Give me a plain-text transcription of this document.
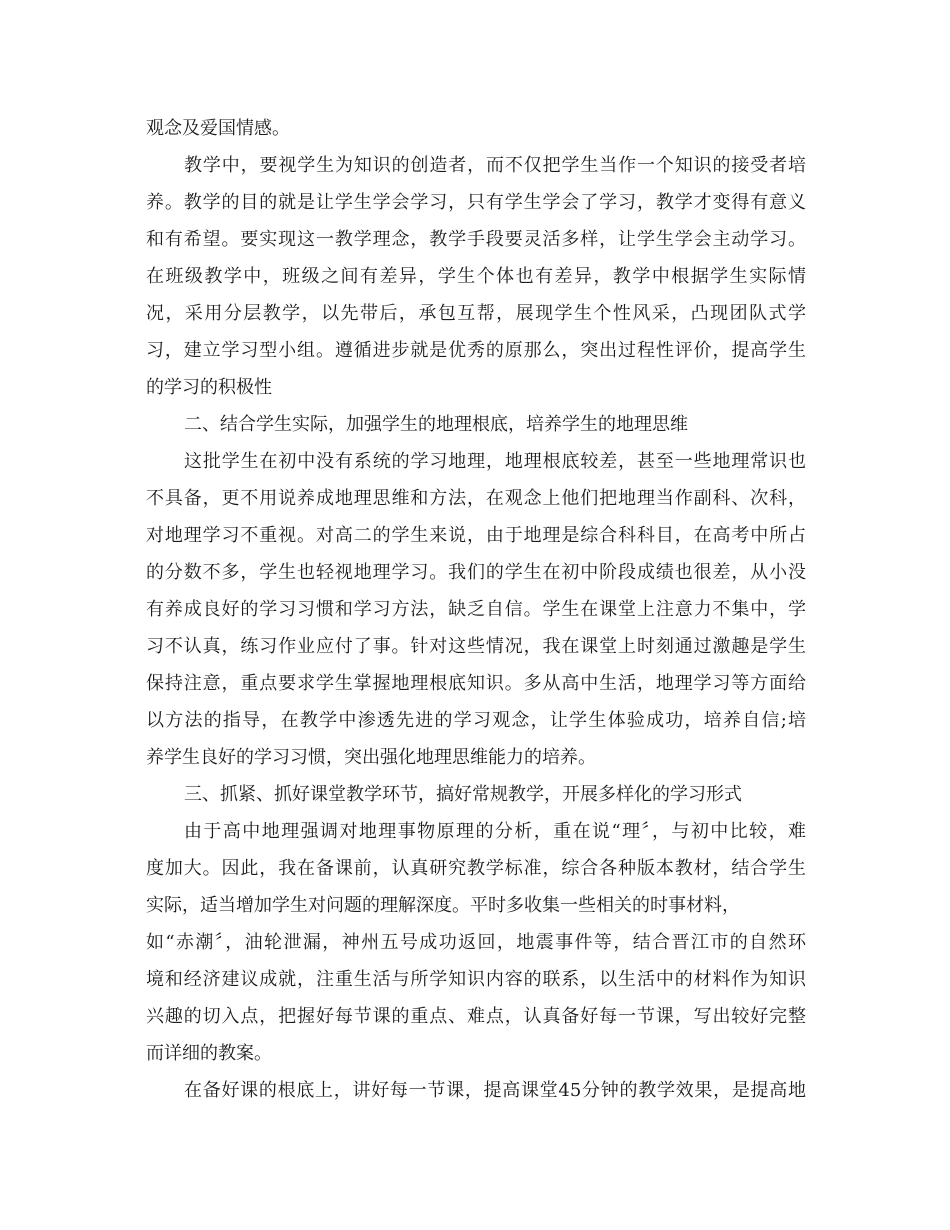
观念及爱国情感。
教学中，要视学生为知识的创造者，而不仅把学生当作一个知识的接受者培
养。教学的目的就是让学生学会学习，只有学生学会了学习，教学才变得有意义
和有希望。要实现这一教学理念，教学手段要灵活多样，让学生学会主动学习。
在班级教学中，班级之间有差异，学生个体也有差异，教学中根据学生实际情
况，采用分层教学，以先带后，承包互帮，展现学生个性风采，凸现团队式学
习，建立学习型小组。遵循进步就是优秀的原那么，突出过程性评价，提高学生
的学习的积极性
二、结合学生实际，加强学生的地理根底，培养学生的地理思维
这批学生在初中没有系统的学习地理，地理根底较差，甚至一些地理常识也
不具备，更不用说养成地理思维和方法，在观念上他们把地理当作副科、次科，
对地理学习不重视。对高二的学生来说，由于地理是综合科科目，在高考中所占
的分数不多，学生也轻视地理学习。我们的学生在初中阶段成绩也很差，从小没
有养成良好的学习习惯和学习方法，缺乏自信。学生在课堂上注意力不集中，学
习不认真，练习作业应付了事。针对这些情况，我在课堂上时刻通过激趣是学生
保持注意，重点要求学生掌握地理根底知识。多从高中生活，地理学习等方面给
以方法的指导，在教学中渗透先进的学习观念，让学生体验成功，培养自信;培
养学生良好的学习习惯，突出强化地理思维能力的培养。
三、抓紧、抓好课堂教学环节，搞好常规教学，开展多样化的学习形式
由于高中地理强调对地理事物原理的分析，重在说“理〞，与初中比较，难
度加大。因此，我在备课前，认真研究教学标准，综合各种版本教材，结合学生
实际，适当增加学生对问题的理解深度。平时多收集一些相关的时事材料，
如“赤潮〞，油轮泄漏，神州五号成功返回，地震事件等，结合晋江市的自然环
境和经济建议成就，注重生活与所学知识内容的联系，以生活中的材料作为知识
兴趣的切入点，把握好每节课的重点、难点，认真备好每一节课，写出较好完整
而详细的教案。
在备好课的根底上，讲好每一节课，提高课堂45分钟的教学效果，是提高地
